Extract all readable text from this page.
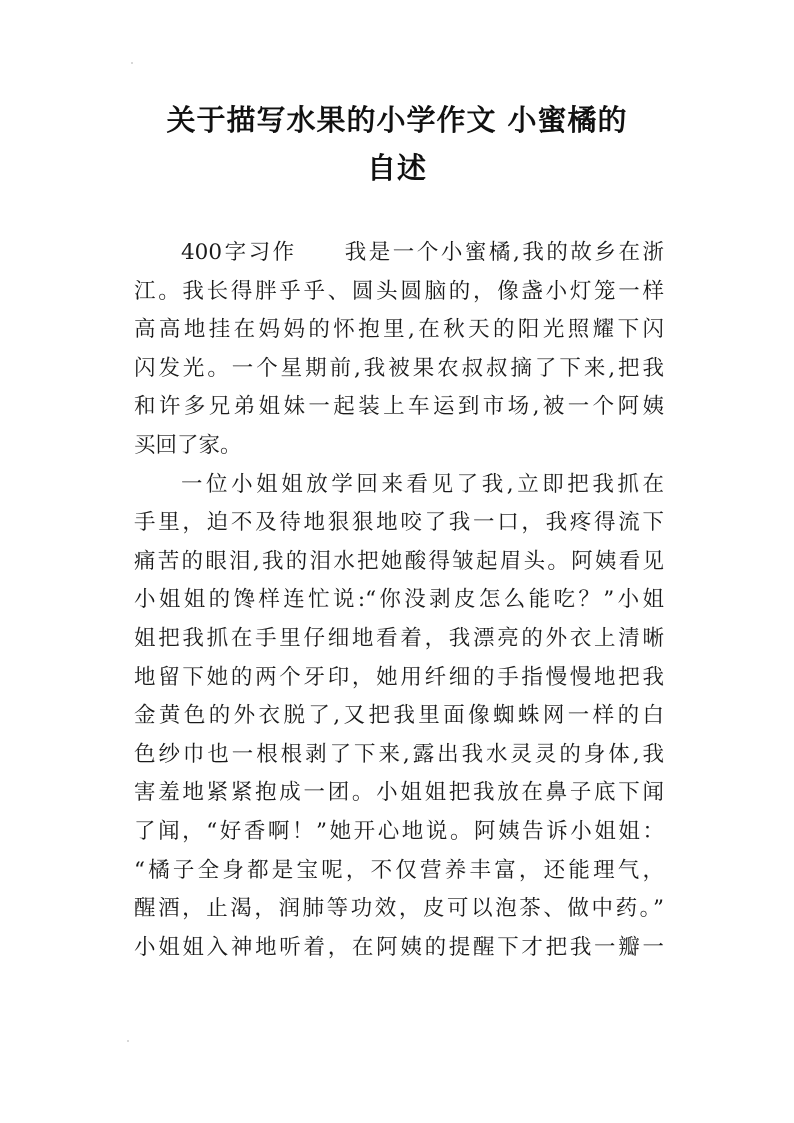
关于描写水果的小学作文 小蜜橘的
自述
400字习作　　我是一个小蜜橘,我的故乡在浙
江。我长得胖乎乎、圆头圆脑的，像盏小灯笼一样
高高地挂在妈妈的怀抱里,在秋天的阳光照耀下闪
闪发光。一个星期前,我被果农叔叔摘了下来,把我
和许多兄弟姐妹一起装上车运到市场,被一个阿姨
买回了家。
一位小姐姐放学回来看见了我,立即把我抓在
手里，迫不及待地狠狠地咬了我一口，我疼得流下
痛苦的眼泪,我的泪水把她酸得皱起眉头。阿姨看见
小姐姐的馋样连忙说:“你没剥皮怎么能吃？”小姐
姐把我抓在手里仔细地看着，我漂亮的外衣上清晰
地留下她的两个牙印，她用纤细的手指慢慢地把我
金黄色的外衣脱了,又把我里面像蜘蛛网一样的白
色纱巾也一根根剥了下来,露出我水灵灵的身体,我
害羞地紧紧抱成一团。小姐姐把我放在鼻子底下闻
了闻，“好香啊！”她开心地说。阿姨告诉小姐姐：
“橘子全身都是宝呢，不仅营养丰富，还能理气，
醒酒，止渴，润肺等功效，皮可以泡茶、做中药。”
小姐姐入神地听着，在阿姨的提醒下才把我一瓣一
